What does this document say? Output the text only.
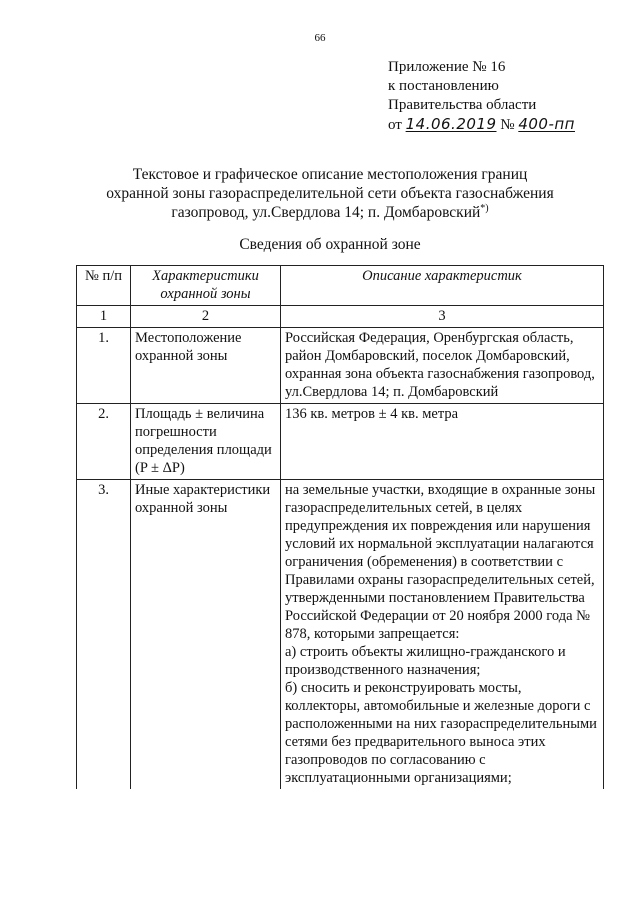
66
Приложение № 16
к постановлению
Правительства области
от 14.06.2019 № 400-пп
Текстовое и графическое описание местоположения границ
охранной зоны газораспределительной сети объекта газоснабжения
газопровод, ул.Свердлова 14; п. Домбаровский*)
Сведения об охранной зоне
№ п/п	Характеристики охранной зоны	Описание характеристик
1	2	3
1.	Местоположение охранной зоны	Российская Федерация, Оренбургская область, район Домбаровский, поселок Домбаровский, охранная зона объекта газоснабжения газопровод, ул.Свердлова 14; п. Домбаровский
2.	Площадь ± величина погрешности определения площади (P ± ΔP)	136 кв. метров ± 4 кв. метра
3.	Иные характеристики охранной зоны	на земельные участки, входящие в охранные зоны газораспределительных сетей, в целях предупреждения их повреждения или нарушения условий их нормальной эксплуатации налагаются ограничения (обременения) в соответствии с Правилами охраны газораспределительных сетей, утвержденными постановлением Правительства Российской Федерации от 20 ноября 2000 года № 878, которыми запрещается:
а) строить объекты жилищно-гражданского и производственного назначения;
б) сносить и реконструировать мосты, коллекторы, автомобильные и железные дороги с расположенными на них газораспределительными сетями без предварительного выноса этих газопроводов по согласованию с эксплуатационными организациями;
